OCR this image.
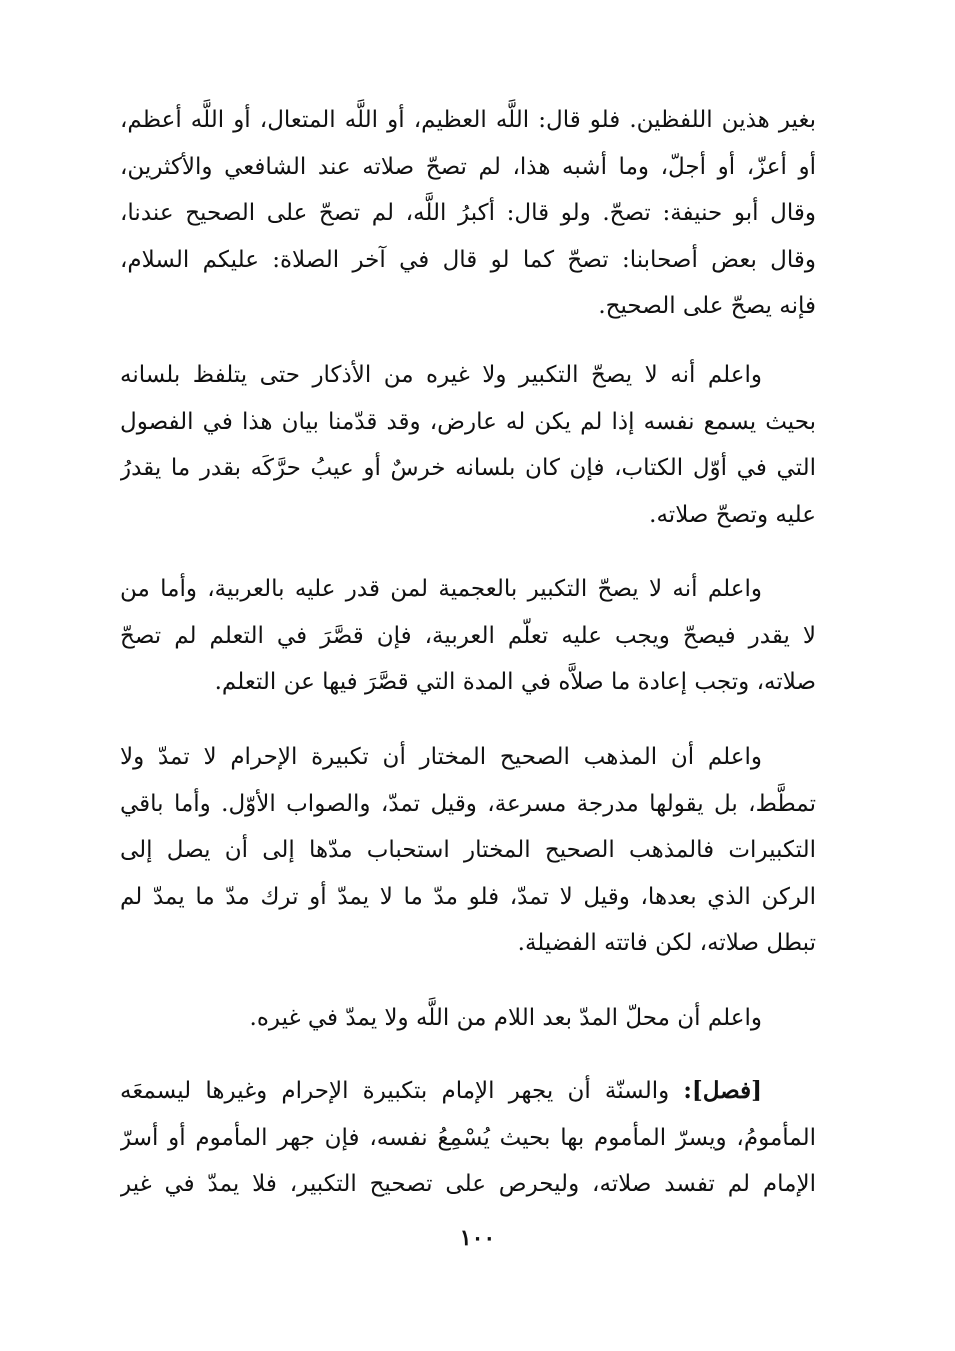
بغير هذين اللفظين. فلو قال: اللَّه العظيم، أو اللَّه المتعال، أو اللَّه أعظم،
أو أعزّ، أو أجلّ، وما أشبه هذا، لم تصحّ صلاته عند الشافعي والأكثرين،
وقال أبو حنيفة: تصحّ. ولو قال: أكبرُ اللَّه، لم تصحّ على الصحيح عندنا،
وقال بعض أصحابنا: تصحّ كما لو قال في آخر الصلاة: عليكم السلام،
فإنه يصحّ على الصحيح.
واعلم أنه لا يصحّ التكبير ولا غيره من الأذكار حتى يتلفظ بلسانه
بحيث يسمع نفسه إذا لم يكن له عارض، وقد قدّمنا بيان هذا في الفصول
التي في أوّل الكتاب، فإن كان بلسانه خرسٌ أو عيبُ حرَّكَه بقدر ما يقدرُ
عليه وتصحّ صلاته.
واعلم أنه لا يصحّ التكبير بالعجمية لمن قدر عليه بالعربية، وأما من
لا يقدر فيصحّ ويجب عليه تعلّم العربية، فإن قصَّرَ في التعلم لم تصحّ
صلاته، وتجب إعادة ما صلاَّه في المدة التي قصَّرَ فيها عن التعلم.
واعلم أن المذهب الصحيح المختار أن تكبيرة الإحرام لا تمدّ ولا
تمطَّط، بل يقولها مدرجة مسرعة، وقيل تمدّ، والصواب الأوّل. وأما باقي
التكبيرات فالمذهب الصحيح المختار استحباب مدّها إلى أن يصل إلى
الركن الذي بعدها، وقيل لا تمدّ، فلو مدّ ما لا يمدّ أو ترك مدّ ما يمدّ لم
تبطل صلاته، لكن فاتته الفضيلة.
واعلم أن محلّ المدّ بعد اللام من اللَّه ولا يمدّ في غيره.
[فصل]: والسنّة أن يجهر الإمام بتكبيرة الإحرام وغيرها ليسمعَه
المأمومُ، ويسرّ المأموم بها بحيث يُسْمِعُ نفسه، فإن جهر المأموم أو أسرّ
الإمام لم تفسد صلاته، وليحرص على تصحيح التكبير، فلا يمدّ في غير
١٠٠
